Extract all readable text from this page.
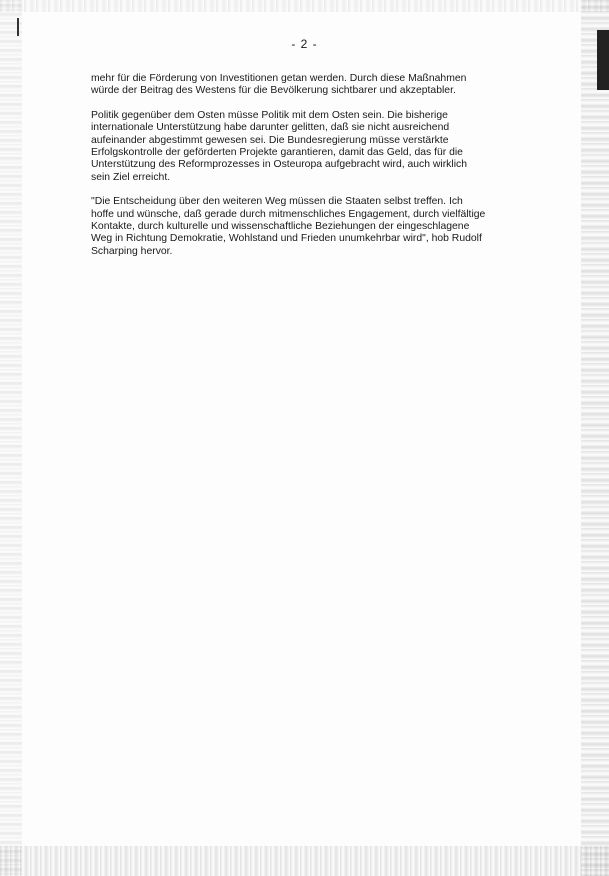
- 2 -

mehr für die Förderung von Investitionen getan werden. Durch diese Maßnahmen
würde der Beitrag des Westens für die Bevölkerung sichtbarer und akzeptabler.

Politik gegenüber dem Osten müsse Politik mit dem Osten sein. Die bisherige
internationale Unterstützung habe darunter gelitten, daß sie nicht ausreichend
aufeinander abgestimmt gewesen sei. Die Bundesregierung müsse verstärkte
Erfolgskontrolle der geförderten Projekte garantieren, damit das Geld, das für die
Unterstützung des Reformprozesses in Osteuropa aufgebracht wird, auch wirklich
sein Ziel erreicht.

"Die Entscheidung über den weiteren Weg müssen die Staaten selbst treffen. Ich
hoffe und wünsche, daß gerade durch mitmenschliches Engagement, durch vielfältige
Kontakte, durch kulturelle und wissenschaftliche Beziehungen der eingeschlagene
Weg in Richtung Demokratie, Wohlstand und Frieden unumkehrbar wird", hob Rudolf
Scharping hervor.
